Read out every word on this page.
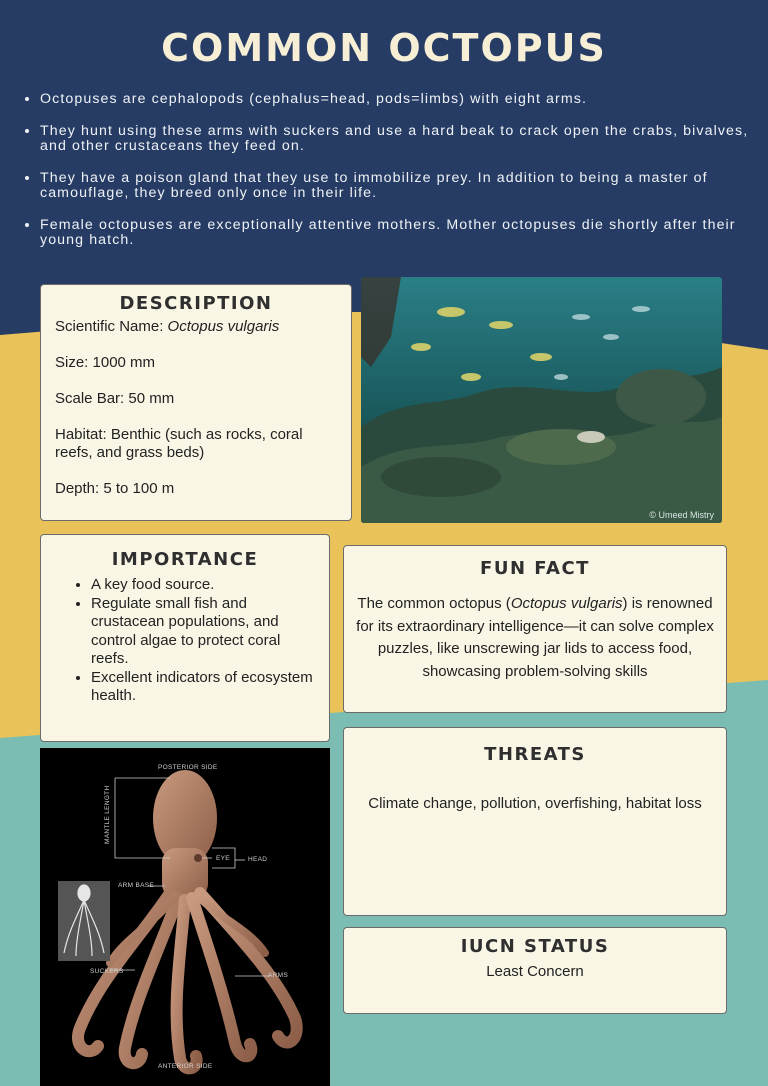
COMMON OCTOPUS
• Octopuses are cephalopods (cephalus=head, pods=limbs) with eight arms.
• They hunt using these arms with suckers and use a hard beak to crack open the crabs, bivalves, and other crustaceans they feed on.
• They have a poison gland that they use to immobilize prey. In addition to being a master of camouflage, they breed only once in their life.
• Female octopuses are exceptionally attentive mothers. Mother octopuses die shortly after their young hatch.
DESCRIPTION

Scientific Name: Octopus vulgaris

Size: 1000 mm

Scale Bar: 50 mm

Habitat: Benthic (such as rocks, coral reefs, and grass beds)

Depth: 5 to 100 m

© Umeed Mistry
IMPORTANCE
• A key food source.
• Regulate small fish and crustacean populations, and control algae to protect coral reefs.
• Excellent indicators of ecosystem health.
FUN FACT

The common octopus (Octopus vulgaris) is renowned for its extraordinary intelligence—it can solve complex puzzles, like unscrewing jar lids to access food, showcasing problem-solving skills

THREATS

Climate change, pollution, overfishing, habitat loss

IUCN STATUS

Least Concern

POSTERIOR SIDE
MANTLE LENGTH
EYE	HEAD
ARM BASE
SUCKERS
ARMS
ANTERIOR SIDE
